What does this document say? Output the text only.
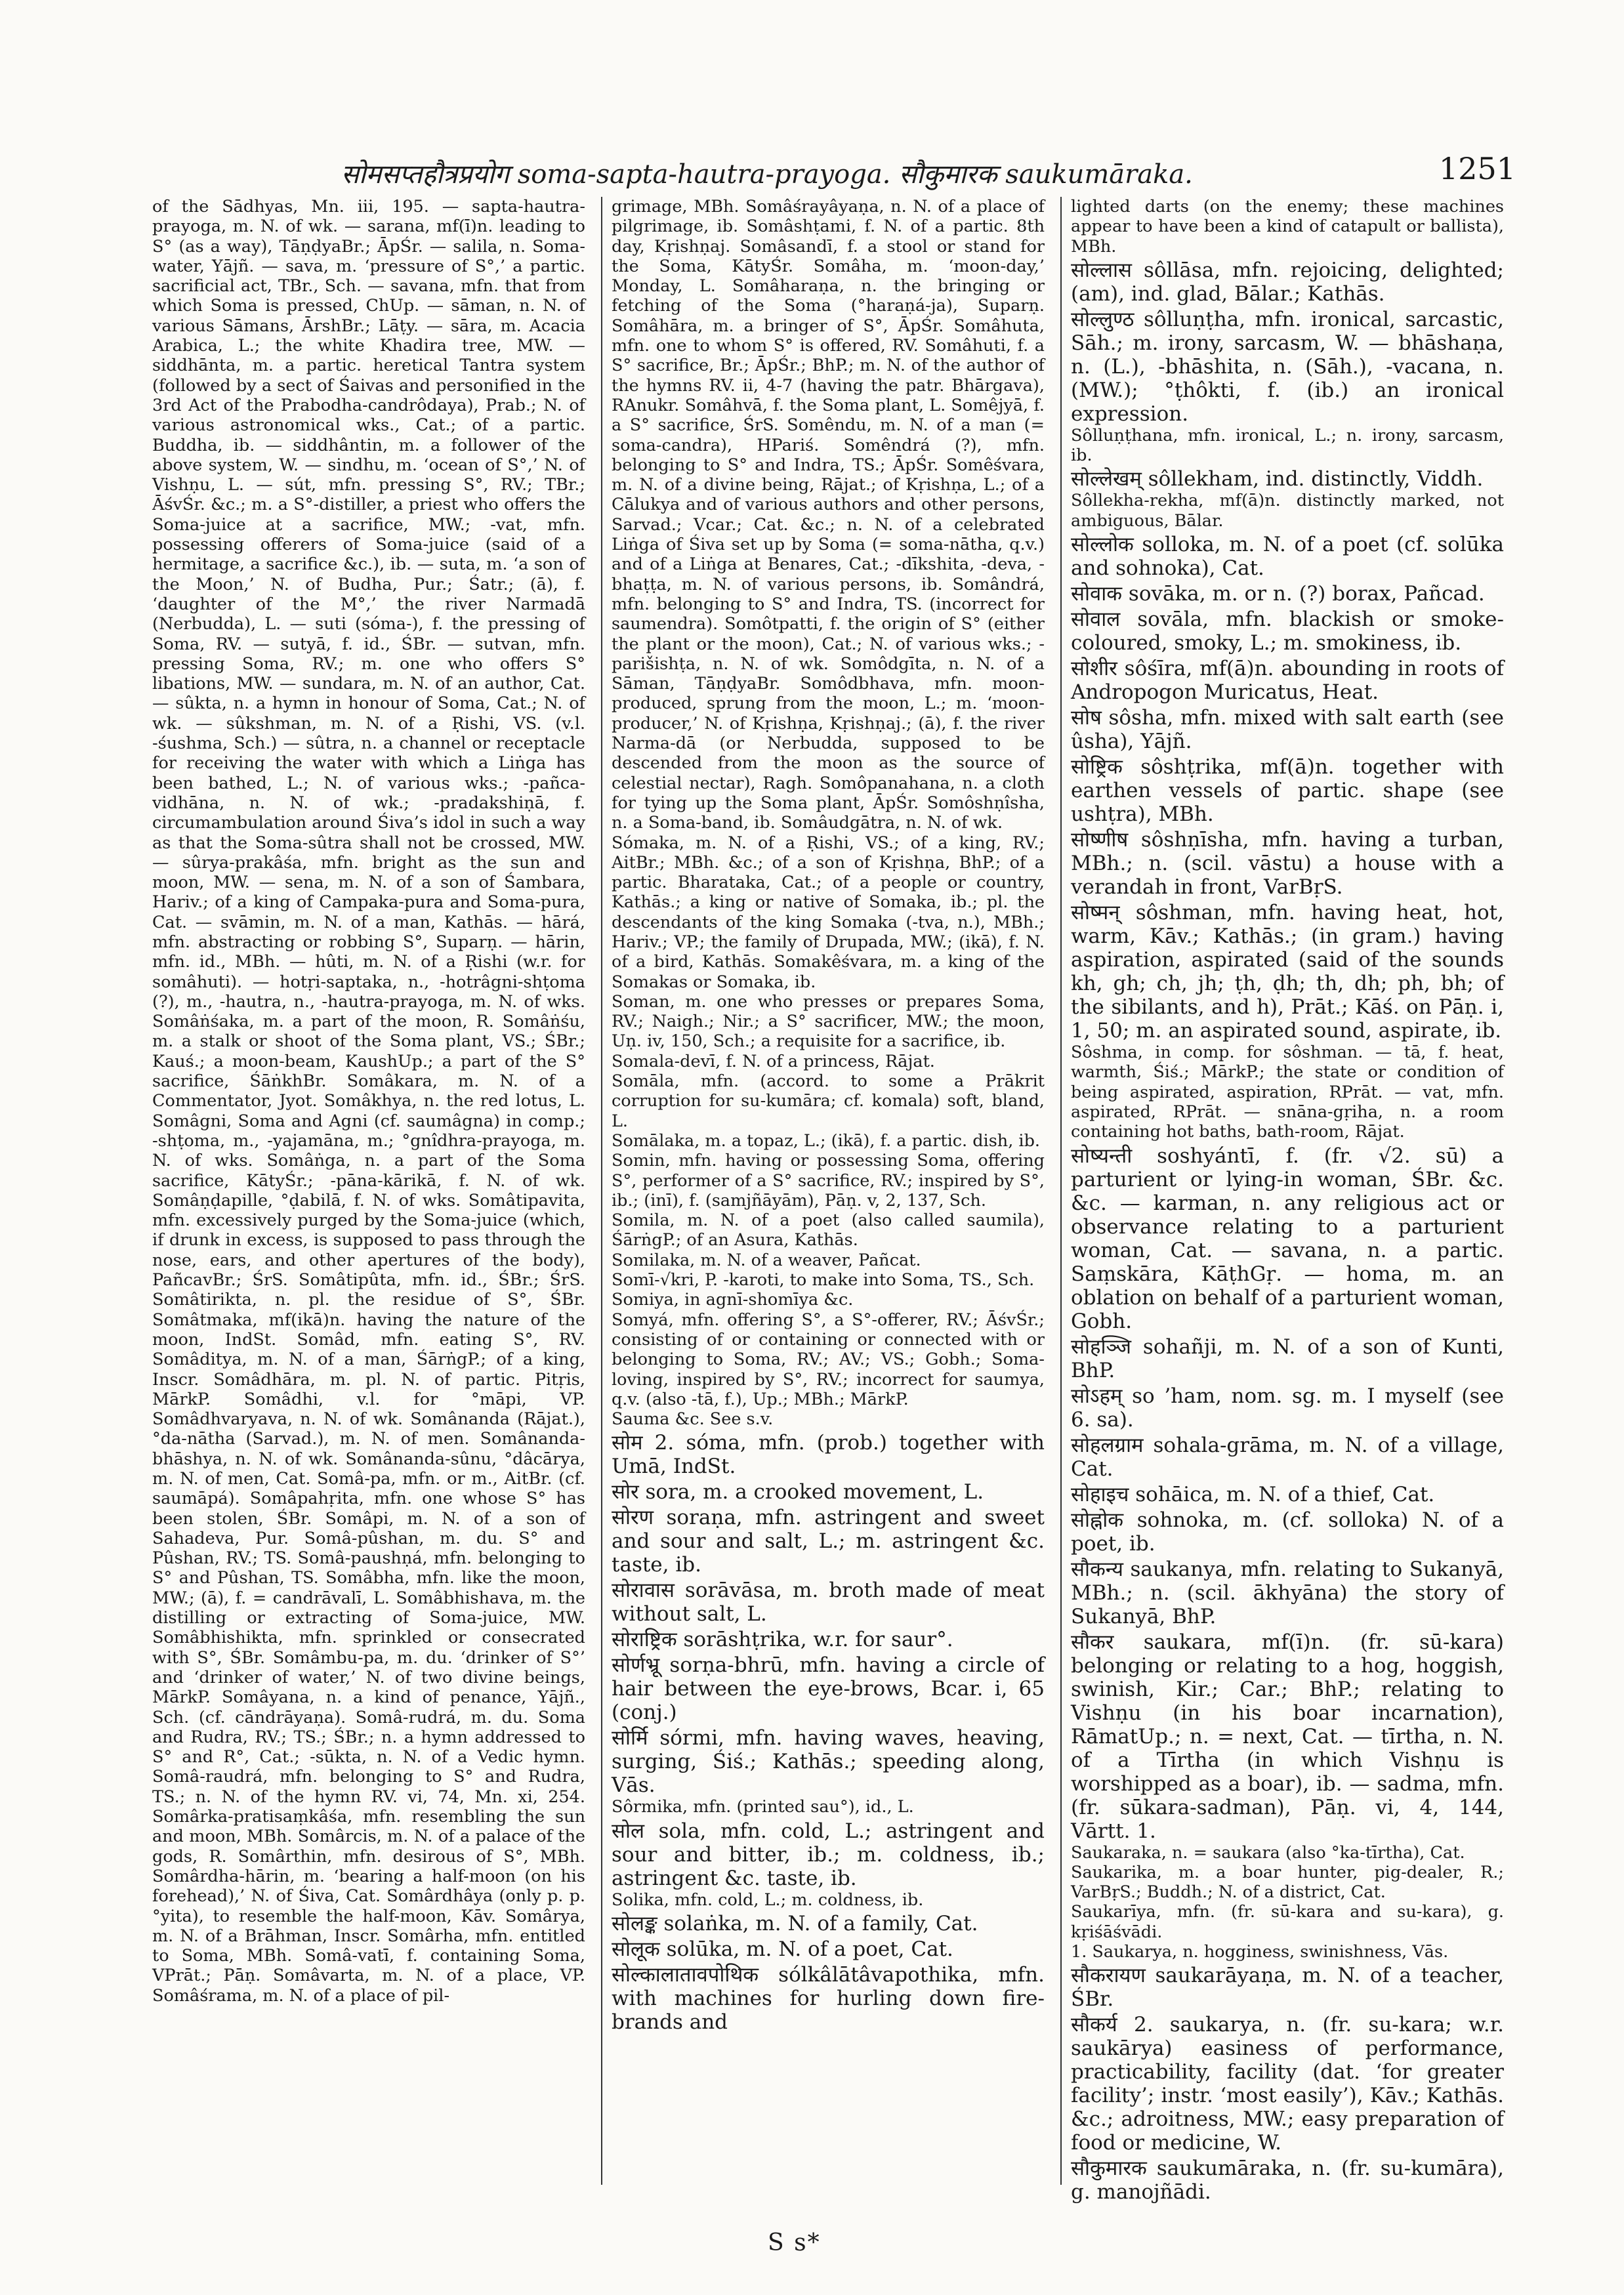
सोमसप्तहौत्रप्रयोग soma-sapta-hautra-prayoga. सौकुमारक saukumāraka.	1251

of the Sādhyas, Mn. iii, 195. — sapta-hautra-prayoga, m. N. of wk. — sarana, mf(ī)n. leading to S° (as a way), TāṇḍyaBr.; ĀpŚr. — salila, n. Soma-water, Yājñ. — sava, m. ‘pressure of S°,’ a partic. sacrificial act, TBr., Sch. — savana, mfn. that from which Soma is pressed, ChUp. — sāman, n. N. of various Sāmans, ĀrshBr.; Lāṭy. — sāra, m. Acacia Arabica, L.; the white Khadira tree, MW. — siddhānta, m. a partic. heretical Tantra system (followed by a sect of Śaivas and personified in the 3rd Act of the Prabodha-candrôdaya), Prab.; N. of various astronomical wks., Cat.; of a partic. Buddha, ib. — siddhântin, m. a follower of the above system, W. — sindhu, m. ‘ocean of S°,’ N. of Vishṇu, L. — sút, mfn. pressing S°, RV.; TBr.; ĀśvŚr. &c.; m. a S°-distiller, a priest who offers the Soma-juice at a sacrifice, MW.; -vat, mfn. possessing offerers of Soma-juice (said of a hermitage, a sacrifice &c.), ib. — suta, m. ‘a son of the Moon,’ N. of Budha, Pur.; Śatr.; (ā), f. ‘daughter of the M°,’ the river Narmadā (Nerbudda), L. — suti (sóma-), f. the pressing of Soma, RV. — sutyā, f. id., ŚBr. — sutvan, mfn. pressing Soma, RV.; m. one who offers S° libations, MW. — sundara, m. N. of an author, Cat. — sûkta, n. a hymn in honour of Soma, Cat.; N. of wk. — sûkshman, m. N. of a Ṛishi, VS. (v.l. -śushma, Sch.) — sûtra, n. a channel or receptacle for receiving the water with which a Liṅga has been bathed, L.; N. of various wks.; -pañca-vidhāna, n. N. of wk.; -pradakshiṇā, f. circumambulation around Śiva’s idol in such a way as that the Soma-sûtra shall not be crossed, MW. — sûrya-prakâśa, mfn. bright as the sun and moon, MW. — sena, m. N. of a son of Śambara, Hariv.; of a king of Campaka-pura and Soma-pura, Cat. — svāmin, m. N. of a man, Kathās. — hārá, mfn. abstracting or robbing S°, Suparṇ. — hārin, mfn. id., MBh. — hûti, m. N. of a Ṛishi (w.r. for somâhuti). — hotṛi-saptaka, n., -hotrâgni-shṭoma (?), m., -hautra, n., -hautra-prayoga, m. N. of wks. Somâṅśaka, m. a part of the moon, R. Somâṅśu, m. a stalk or shoot of the Soma plant, VS.; ŚBr.; Kauś.; a moon-beam, KaushUp.; a part of the S° sacrifice, ŚāṅkhBr. Somâkara, m. N. of a Commentator, Jyot. Somâkhya, n. the red lotus, L. Somâgni, Soma and Agni (cf. saumâgna) in comp.; -shṭoma, m., -yajamāna, m.; °gnîdhra-prayoga, m. N. of wks. Somâṅga, n. a part of the Soma sacrifice, KātyŚr.; -pāna-kārikā, f. N. of wk. Somâṇḍapille, °ḍabilā, f. N. of wks. Somâtipavita, mfn. excessively purged by the Soma-juice (which, if drunk in excess, is supposed to pass through the nose, ears, and other apertures of the body), PañcavBr.; ŚrS. Somâtipûta, mfn. id., ŚBr.; ŚrS. Somâtirikta, n. pl. the residue of S°, ŚBr. Somâtmaka, mf(ikā)n. having the nature of the moon, IndSt. Somâd, mfn. eating S°, RV. Somâditya, m. N. of a man, ŚārṅgP.; of a king, Inscr. Somâdhāra, m. pl. N. of partic. Pitṛis, MārkP. Somâdhi, v.l. for °māpi, VP. Somâdhvaryava, n. N. of wk. Somânanda (Rājat.), °da-nātha (Sarvad.), m. N. of men. Somânanda-bhāshya, n. N. of wk. Somânanda-sûnu, °dâcārya, m. N. of men, Cat. Somâ-pa, mfn. or m., AitBr. (cf. saumāpá). Somâpahṛita, mfn. one whose S° has been stolen, ŚBr. Somâpi, m. N. of a son of Sahadeva, Pur. Somâ-pûshan, m. du. S° and Pûshan, RV.; TS. Somâ-paushṇá, mfn. belonging to S° and Pûshan, TS. Somâbha, mfn. like the moon, MW.; (ā), f. = candrāvalī, L. Somâbhishava, m. the distilling or extracting of Soma-juice, MW. Somâbhishikta, mfn. sprinkled or consecrated with S°, ŚBr. Somâmbu-pa, m. du. ‘drinker of S°’ and ‘drinker of water,’ N. of two divine beings, MārkP. Somâyana, n. a kind of penance, Yājñ., Sch. (cf. cāndrāyaṇa). Somâ-rudrá, m. du. Soma and Rudra, RV.; TS.; ŚBr.; n. a hymn addressed to S° and R°, Cat.; -sūkta, n. N. of a Vedic hymn. Somâ-raudrá, mfn. belonging to S° and Rudra, TS.; n. N. of the hymn RV. vi, 74, Mn. xi, 254. Somârka-pratisaṃkâśa, mfn. resembling the sun and moon, MBh. Somârcis, m. N. of a palace of the gods, R. Somârthin, mfn. desirous of S°, MBh. Somârdha-hārin, m. ‘bearing a half-moon (on his forehead),’ N. of Śiva, Cat. Somârdhâya (only p. p. °yita), to resemble the half-moon, Kāv. Somârya, m. N. of a Brāhman, Inscr. Somârha, mfn. entitled to Soma, MBh. Somâ-vatī, f. containing Soma, VPrāt.; Pāṇ. Somâvarta, m. N. of a place, VP. Somâśrama, m. N. of a place of pil-

grimage, MBh. Somâśrayâyaṇa, n. N. of a place of pilgrimage, ib. Somâshṭami, f. N. of a partic. 8th day, Kṛishṇaj. Somâsandī, f. a stool or stand for the Soma, KātyŚr. Somâha, m. ‘moon-day,’ Monday, L. Somâharaṇa, n. the bringing or fetching of the Soma (°haraṇá-ja), Suparṇ. Somâhāra, m. a bringer of S°, ĀpŚr. Somâhuta, mfn. one to whom S° is offered, RV. Somâhuti, f. a S° sacrifice, Br.; ĀpŚr.; BhP.; m. N. of the author of the hymns RV. ii, 4-7 (having the patr. Bhārgava), RAnukr. Somâhvā, f. the Soma plant, L. Somêjyā, f. a S° sacrifice, ŚrS. Somêndu, m. N. of a man (= soma-candra), HPariś. Somêndrá (?), mfn. belonging to S° and Indra, TS.; ĀpŚr. Somêśvara, m. N. of a divine being, Rājat.; of Kṛishṇa, L.; of a Cālukya and of various authors and other persons, Sarvad.; Vcar.; Cat. &c.; n. N. of a celebrated Liṅga of Śiva set up by Soma (= soma-nātha, q.v.) and of a Liṅga at Benares, Cat.; -dīkshita, -deva, -bhaṭṭa, m. N. of various persons, ib. Somândrá, mfn. belonging to S° and Indra, TS. (incorrect for saumendra). Somôtpatti, f. the origin of S° (either the plant or the moon), Cat.; N. of various wks.; -parišishṭa, n. N. of wk. Somôdgīta, n. N. of a Sāman, TāṇḍyaBr. Somôdbhava, mfn. moon-produced, sprung from the moon, L.; m. ‘moon-producer,’ N. of Kṛishṇa, Kṛishṇaj.; (ā), f. the river Narma-dā (or Nerbudda, supposed to be descended from the moon as the source of celestial nectar), Ragh. Somôpanahana, n. a cloth for tying up the Soma plant, ĀpŚr. Somôshṇîsha, n. a Soma-band, ib. Somâudgātra, n. N. of wk.

Sómaka, m. N. of a Ṛishi, VS.; of a king, RV.; AitBr.; MBh. &c.; of a son of Kṛishṇa, BhP.; of a partic. Bharataka, Cat.; of a people or country, Kathās.; a king or native of Somaka, ib.; pl. the descendants of the king Somaka (-tva, n.), MBh.; Hariv.; VP.; the family of Drupada, MW.; (ikā), f. N. of a bird, Kathās. Somakêśvara, m. a king of the Somakas or Somaka, ib.

Soman, m. one who presses or prepares Soma, RV.; Naigh.; Nir.; a S° sacrificer, MW.; the moon, Uṇ. iv, 150, Sch.; a requisite for a sacrifice, ib.

Somala-devī, f. N. of a princess, Rājat.

Somāla, mfn. (accord. to some a Prākrit corruption for su-kumāra; cf. komala) soft, bland, L.

Somālaka, m. a topaz, L.; (ikā), f. a partic. dish, ib.

Somin, mfn. having or possessing Soma, offering S°, performer of a S° sacrifice, RV.; inspired by S°, ib.; (inī), f. (samjñāyām), Pāṇ. v, 2, 137, Sch.

Somila, m. N. of a poet (also called saumila), ŚārṅgP.; of an Asura, Kathās.

Somilaka, m. N. of a weaver, Pañcat.

Somī-√kri, P. -karoti, to make into Soma, TS., Sch.

Somiya, in agnī-shomīya &c.

Somyá, mfn. offering S°, a S°-offerer, RV.; ĀśvŚr.; consisting of or containing or connected with or belonging to Soma, RV.; AV.; VS.; Gobh.; Soma-loving, inspired by S°, RV.; incorrect for saumya, q.v. (also -tā, f.), Up.; MBh.; MārkP.

Sauma &c. See s.v.

सोम 2. sóma, mfn. (prob.) together with Umā, IndSt.

सोर sora, m. a crooked movement, L.

सोरण soraṇa, mfn. astringent and sweet and sour and salt, L.; m. astringent &c. taste, ib.

सोरावास sorāvāsa, m. broth made of meat without salt, L.

सोराष्ट्रिक sorāshṭrika, w.r. for saur°.

सोर्णभ्रू sorṇa-bhrū, mfn. having a circle of hair between the eye-brows, Bcar. i, 65 (conj.)

सोर्मि sórmi, mfn. having waves, heaving, surging, Śiś.; Kathās.; speeding along, Vās.

Sôrmika, mfn. (printed sau°), id., L.

सोल sola, mfn. cold, L.; astringent and sour and bitter, ib.; m. coldness, ib.; astringent &c. taste, ib.

Solika, mfn. cold, L.; m. coldness, ib.

सोलङ्क solaṅka, m. N. of a family, Cat.

सोलूक solūka, m. N. of a poet, Cat.

सोल्कालातावपोथिक sólkâlātâvapothika, mfn. with machines for hurling down fire-brands and

lighted darts (on the enemy; these machines appear to have been a kind of catapult or ballista), MBh.

सोल्लास sôllāsa, mfn. rejoicing, delighted; (am), ind. glad, Bālar.; Kathās.

सोल्लुण्ठ sôlluṇṭha, mfn. ironical, sarcastic, Sāh.; m. irony, sarcasm, W. — bhāshaṇa, n. (L.), -bhāshita, n. (Sāh.), -vacana, n. (MW.); °ṭhôkti, f. (ib.) an ironical expression.

Sôlluṇṭhana, mfn. ironical, L.; n. irony, sarcasm, ib.

सोल्लेखम् sôllekham, ind. distinctly, Viddh.

Sôllekha-rekha, mf(ā)n. distinctly marked, not ambiguous, Bālar.

सोल्लोक solloka, m. N. of a poet (cf. solūka and sohnoka), Cat.

सोवाक sovāka, m. or n. (?) borax, Pañcad.

सोवाल sovāla, mfn. blackish or smoke-coloured, smoky, L.; m. smokiness, ib.

सोशीर sôśīra, mf(ā)n. abounding in roots of Andropogon Muricatus, Heat.

सोष sôsha, mfn. mixed with salt earth (see ûsha), Yājñ.

सोष्ट्रिक sôshṭrika, mf(ā)n. together with earthen vessels of partic. shape (see ushṭra), MBh.

सोष्णीष sôshṇīsha, mfn. having a turban, MBh.; n. (scil. vāstu) a house with a verandah in front, VarBṛS.

सोष्मन् sôshman, mfn. having heat, hot, warm, Kāv.; Kathās.; (in gram.) having aspiration, aspirated (said of the sounds kh, gh; ch, jh; ṭh, ḍh; th, dh; ph, bh; of the sibilants, and h), Prāt.; Kāś. on Pāṇ. i, 1, 50; m. an aspirated sound, aspirate, ib.

Sôshma, in comp. for sôshman. — tā, f. heat, warmth, Śiś.; MārkP.; the state or condition of being aspirated, aspiration, RPrāt. — vat, mfn. aspirated, RPrāt. — snāna-gṛiha, n. a room containing hot baths, bath-room, Rājat.

सोष्यन्ती soshyántī, f. (fr. √2. sū) a parturient or lying-in woman, ŚBr. &c. &c. — karman, n. any religious act or observance relating to a parturient woman, Cat. — savana, n. a partic. Saṃskāra, KāṭhGṛ. — homa, m. an oblation on behalf of a parturient woman, Gobh.

सोहञ्जि sohañji, m. N. of a son of Kunti, BhP.

सोऽहम् so ’ham, nom. sg. m. I myself (see 6. sa).

सोहलग्राम sohala-grāma, m. N. of a village, Cat.

सोहाइच sohāica, m. N. of a thief, Cat.

सोह्नोक sohnoka, m. (cf. solloka) N. of a poet, ib.

सौकन्य saukanya, mfn. relating to Sukanyā, MBh.; n. (scil. ākhyāna) the story of Sukanyā, BhP.

सौकर saukara, mf(ī)n. (fr. sū-kara) belonging or relating to a hog, hoggish, swinish, Kir.; Car.; BhP.; relating to Vishṇu (in his boar incarnation), RāmatUp.; n. = next, Cat. — tīrtha, n. N. of a Tīrtha (in which Vishṇu is worshipped as a boar), ib. — sadma, mfn. (fr. sūkara-sadman), Pāṇ. vi, 4, 144, Vārtt. 1.

Saukaraka, n. = saukara (also °ka-tīrtha), Cat.

Saukarika, m. a boar hunter, pig-dealer, R.; VarBṛS.; Buddh.; N. of a district, Cat.

Saukarīya, mfn. (fr. sū-kara and su-kara), g. kṛiśāśvādi.

1. Saukarya, n. hogginess, swinishness, Vās.

सौकरायण saukarāyaṇa, m. N. of a teacher, ŚBr.

सौकर्य 2. saukarya, n. (fr. su-kara; w.r. saukārya) easiness of performance, practicability, facility (dat. ‘for greater facility’; instr. ‘most easily’), Kāv.; Kathās. &c.; adroitness, MW.; easy preparation of food or medicine, W.

सौकुमारक saukumāraka, n. (fr. su-kumāra), g. manojñādi.

S s*
